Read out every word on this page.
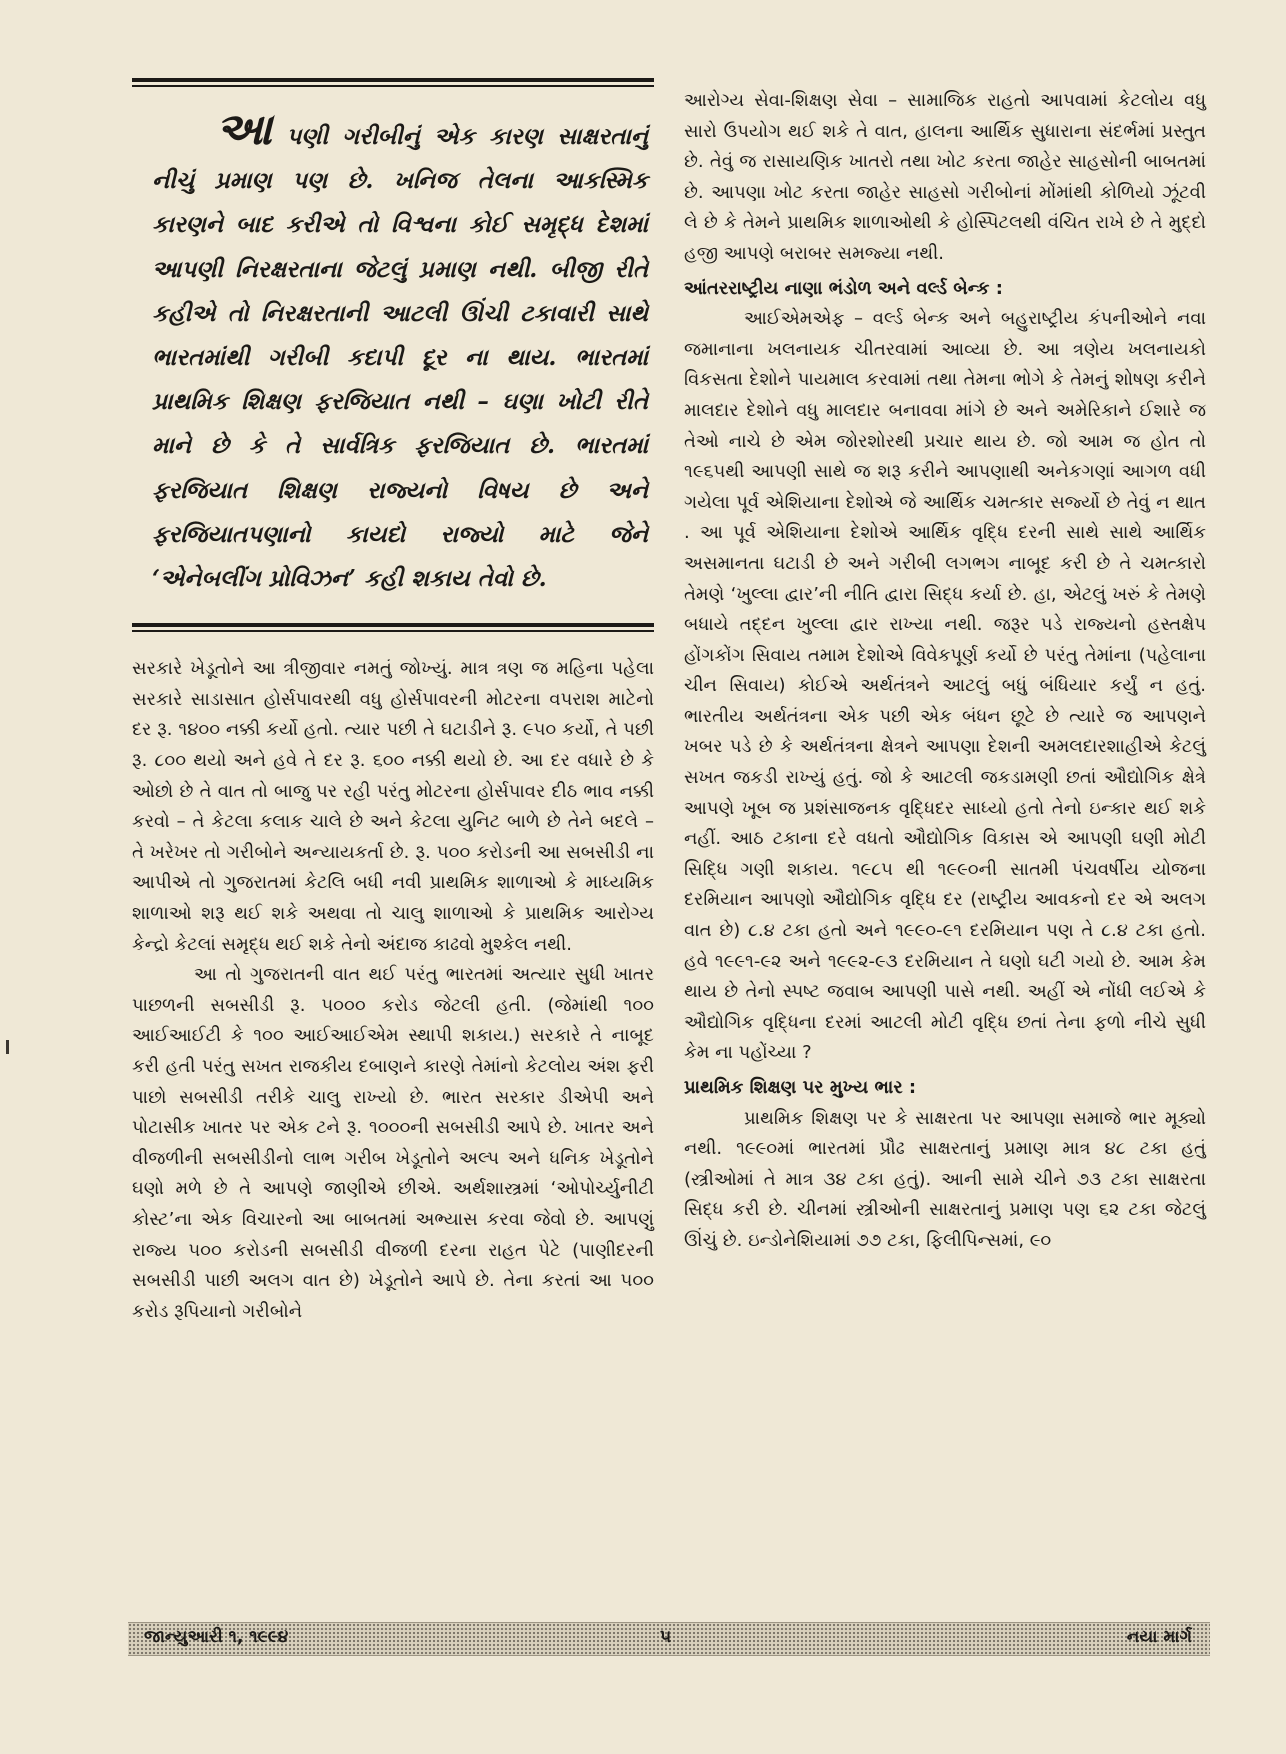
આ પણી ગરીબીનું એક કારણ સાક્ષરતાનું નીચું પ્રમાણ પણ છે. ખનિજ તેલના આકસ્મિક કારણને બાદ કરીએ તો વિશ્વના કોઈ સમૃદ્ધ દેશમાં આપણી નિરક્ષરતાના જેટલું પ્રમાણ નથી. બીજી રીતે કહીએ તો નિરક્ષરતાની આટલી ઊંચી ટકાવારી સાથે ભારતમાંથી ગરીબી કદાપી દૂર ના થાય. ભારતમાં પ્રાથમિક શિક્ષણ ફરજિયાત નથી – ઘણા ખોટી રીતે માને છે કે તે સાર્વત્રિક ફરજિયાત છે. ભારતમાં ફરજિયાત શિક્ષણ રાજ્યનો વિષય છે અને ફરજિયાતપણાનો કાયદો રાજ્યો માટે જેને ‘એનેબલીંગ પ્રોવિઝન’ કહી શકાય તેવો છે.

સરકારે ખેડૂતોને આ ત્રીજીવાર નમતું જોખ્યું. માત્ર ત્રણ જ મહિના પહેલા સરકારે સાડાસાત હોર્સપાવરથી વધુ હોર્સપાવરની મોટરના વપરાશ માટેનો દર રૂ. ૧૪૦૦ નક્કી કર્યો હતો. ત્યાર પછી તે ઘટાડીને રૂ. ૯૫૦ કર્યો, તે પછી રૂ. ૮૦૦ થયો અને હવે તે દર રૂ. ૬૦૦ નક્કી થયો છે. આ દર વધારે છે કે ઓછો છે તે વાત તો બાજુ પર રહી પરંતુ મોટરના હોર્સપાવર દીઠ ભાવ નક્કી કરવો – તે કેટલા કલાક ચાલે છે અને કેટલા યુનિટ બાળે છે તેને બદલે – તે ખરેખર તો ગરીબોને અન્યાયકર્તા છે. રૂ. ૫૦૦ કરોડની આ સબસીડી ના આપીએ તો ગુજરાતમાં કેટલિ બધી નવી પ્રાથમિક શાળાઓ કે માધ્યમિક શાળાઓ શરૂ થઈ શકે અથવા તો ચાલુ શાળાઓ કે પ્રાથમિક આરોગ્ય કેન્દ્રો કેટલાં સમૃદ્ધ થઈ શકે તેનો અંદાજ કાઢવો મુશ્કેલ નથી.

આ તો ગુજરાતની વાત થઈ પરંતુ ભારતમાં અત્યાર સુધી ખાતર પાછળની સબસીડી રૂ. ૫૦૦૦ કરોડ જેટલી હતી. (જેમાંથી ૧૦૦ આઈઆઈટી કે ૧૦૦ આઈઆઈએમ સ્થાપી શકાય.) સરકારે તે નાબૂદ કરી હતી પરંતુ સખત રાજકીય દબાણને કારણે તેમાંનો કેટલોય અંશ ફરી પાછો સબસીડી તરીકે ચાલુ રાખ્યો છે. ભારત સરકાર ડીએપી અને પોટાસીક ખાતર પર એક ટને રૂ. ૧૦૦૦ની સબસીડી આપે છે. ખાતર અને વીજળીની સબસીડીનો લાભ ગરીબ ખેડૂતોને અલ્પ અને ધનિક ખેડૂતોને ઘણો મળે છે તે આપણે જાણીએ છીએ. અર્થશાસ્ત્રમાં ‘ઓપોર્ચ્યુનીટી કોસ્ટ’ના એક વિચારનો આ બાબતમાં અભ્યાસ કરવા જેવો છે. આપણું રાજ્ય ૫૦૦ કરોડની સબસીડી વીજળી દરના રાહત પેટે (પાણીદરની સબસીડી પાછી અલગ વાત છે) ખેડૂતોને આપે છે. તેના કરતાં આ ૫૦૦ કરોડ રૂપિયાનો ગરીબોને

આરોગ્ય સેવા-શિક્ષણ સેવા – સામાજિક રાહતો આપવામાં કેટલોય વધુ સારો ઉપયોગ થઈ શકે તે વાત, હાલના આર્થિક સુધારાના સંદર્ભમાં પ્રસ્તુત છે. તેવું જ રાસાયણિક ખાતરો તથા ખોટ કરતા જાહેર સાહસોની બાબતમાં છે. આપણા ખોટ કરતા જાહેર સાહસો ગરીબોનાં મોંમાંથી કોળિયો ઝૂંટવી લે છે કે તેમને પ્રાથમિક શાળાઓથી કે હોસ્પિટલથી વંચિત રાખે છે તે મુદ્દો હજી આપણે બરાબર સમજ્યા નથી.

આંતરરાષ્ટ્રીય નાણા ભંડોળ અને વર્લ્ડ બેન્ક :

આઈએમએફ – વર્લ્ડ બેન્ક અને બહુરાષ્ટ્રીય કંપનીઓને નવા જમાનાના ખલનાયક ચીતરવામાં આવ્યા છે. આ ત્રણેય ખલનાયકો વિકસતા દેશોને પાયમાલ કરવામાં તથા તેમના ભોગે કે તેમનું શોષણ કરીને માલદાર દેશોને વધુ માલદાર બનાવવા માંગે છે અને અમેરિકાને ઈશારે જ તેઓ નાચે છે એમ જોરશોરથી પ્રચાર થાય છે. જો આમ જ હોત તો ૧૯૬૫થી આપણી સાથે જ શરૂ કરીને આપણાથી અનેકગણાં આગળ વધી ગયેલા પૂર્વ એશિયાના દેશોએ જે આર્થિક ચમત્કાર સર્જ્યો છે તેવું ન થાત . આ પૂર્વ એશિયાના દેશોએ આર્થિક વૃદ્ધિ દરની સાથે સાથે આર્થિક અસમાનતા ઘટાડી છે અને ગરીબી લગભગ નાબૂદ કરી છે તે ચમત્કારો તેમણે ‘ખુલ્લા દ્વાર’ની નીતિ દ્વારા સિદ્ધ કર્યા છે. હા, એટલું ખરું કે તેમણે બધાયે તદ્દન ખુલ્લા દ્વાર રાખ્યા નથી. જરૂર પડે રાજ્યનો હસ્તક્ષેપ હોંગકોંગ સિવાય તમામ દેશોએ વિવેકપૂર્ણ કર્યો છે પરંતુ તેમાંના (પહેલાના ચીન સિવાય) કોઈએ અર્થતંત્રને આટલું બધું બંધિયાર કર્યું ન હતું. ભારતીય અર્થતંત્રના એક પછી એક બંધન છૂટે છે ત્યારે જ આપણને ખબર પડે છે કે અર્થતંત્રના ક્ષેત્રને આપણા દેશની અમલદારશાહીએ કેટલું સખત જકડી રાખ્યું હતું. જો કે આટલી જકડામણી છતાં ઔદ્યોગિક ક્ષેત્રે આપણે ખૂબ જ પ્રશંસાજનક વૃદ્ધિદર સાધ્યો હતો તેનો ઇન્કાર થઈ શકે નહીં. આઠ ટકાના દરે વધતો ઔદ્યોગિક વિકાસ એ આપણી ઘણી મોટી સિદ્ધિ ગણી શકાય. ૧૯૮૫ થી ૧૯૯૦ની સાતમી પંચવર્ષીય યોજના દરમિયાન આપણો ઔદ્યોગિક વૃદ્ધિ દર (રાષ્ટ્રીય આવકનો દર એ અલગ વાત છે) ૮.૪ ટકા હતો અને ૧૯૯૦-૯૧ દરમિયાન પણ તે ૮.૪ ટકા હતો. હવે ૧૯૯૧-૯૨ અને ૧૯૯૨-૯૩ દરમિયાન તે ઘણો ઘટી ગયો છે. આમ કેમ થાય છે તેનો સ્પષ્ટ જવાબ આપણી પાસે નથી. અહીં એ નોંધી લઈએ કે ઔદ્યોગિક વૃદ્ધિના દરમાં આટલી મોટી વૃદ્ધિ છતાં તેના ફળો નીચે સુધી કેમ ના પહોંચ્યા ?

પ્રાથમિક શિક્ષણ પર મુખ્ય ભાર :

પ્રાથમિક શિક્ષણ પર કે સાક્ષરતા પર આપણા સમાજે ભાર મૂક્યો નથી. ૧૯૯૦માં ભારતમાં પ્રૌઢ સાક્ષરતાનું પ્રમાણ માત્ર ૪૮ ટકા હતું (સ્ત્રીઓમાં તે માત્ર ૩૪ ટકા હતું). આની સામે ચીને ૭૩ ટકા સાક્ષરતા સિદ્ધ કરી છે. ચીનમાં સ્ત્રીઓની સાક્ષરતાનું પ્રમાણ પણ ૬૨ ટકા જેટલું ઊંચું છે. ઇન્ડોનેશિયામાં ૭૭ ટકા, ફિલીપિન્સમાં, ૯૦

જાન્યુઆરી ૧, ૧૯૯૪	૫	નયા માર્ગ
